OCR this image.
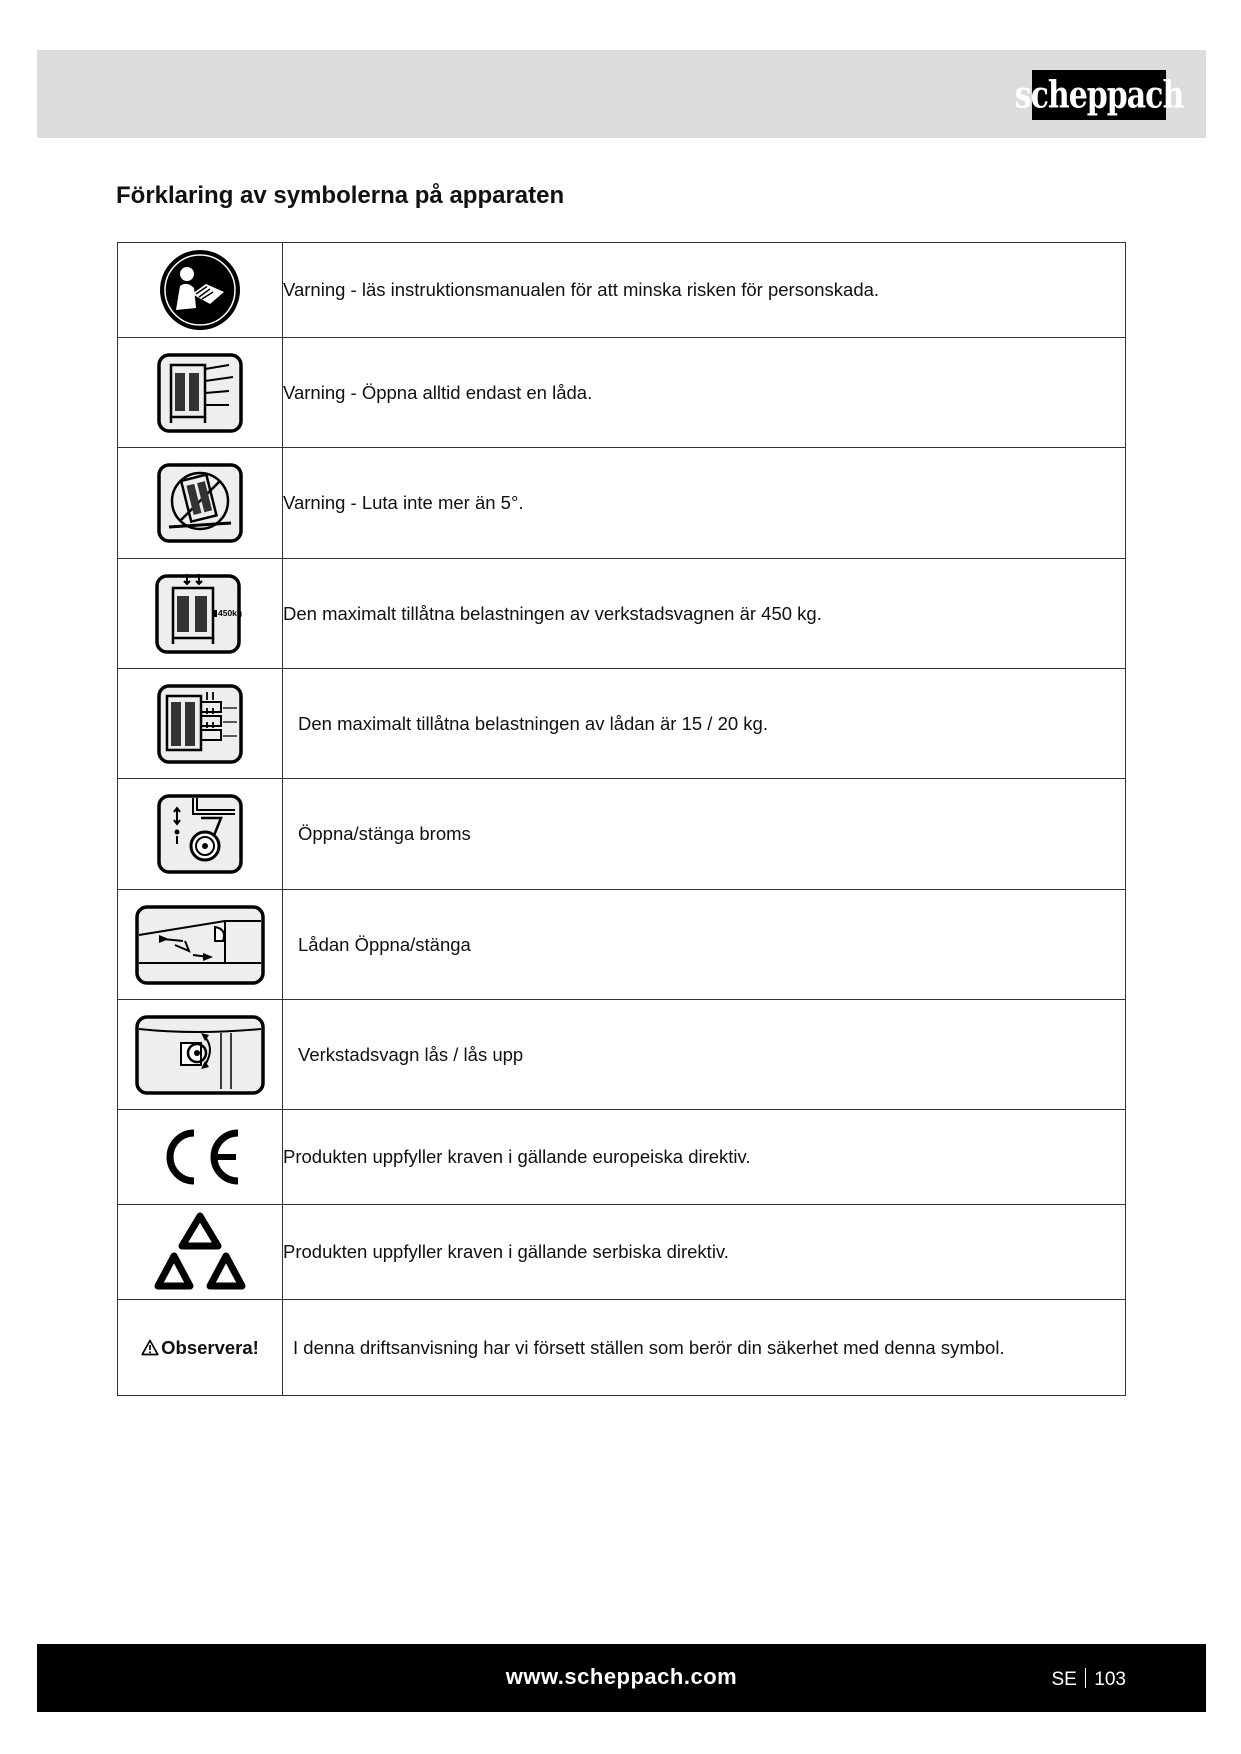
scheppach
Förklaring av symbolerna på apparaten
	Varning - läs instruktionsmanualen för att minska risken för personskada.

	Varning - Öppna alltid endast en låda.

	Varning - Luta inte mer än 5°.

450kg	Den maximalt tillåtna belastningen av verkstadsvagnen är 450 kg.

	Den maximalt tillåtna belastningen av lådan är 15 / 20 kg.

	Öppna/stänga broms

	Lådan Öppna/stänga

	Verkstadsvagn lås / lås upp

	Produkten uppfyller kraven i gällande europeiska direktiv.

	Produkten uppfyller kraven i gällande serbiska direktiv.
Observera!	I denna driftsanvisning har vi försett ställen som berör din säkerhet med denna symbol.
www.scheppach.com	SE 103
